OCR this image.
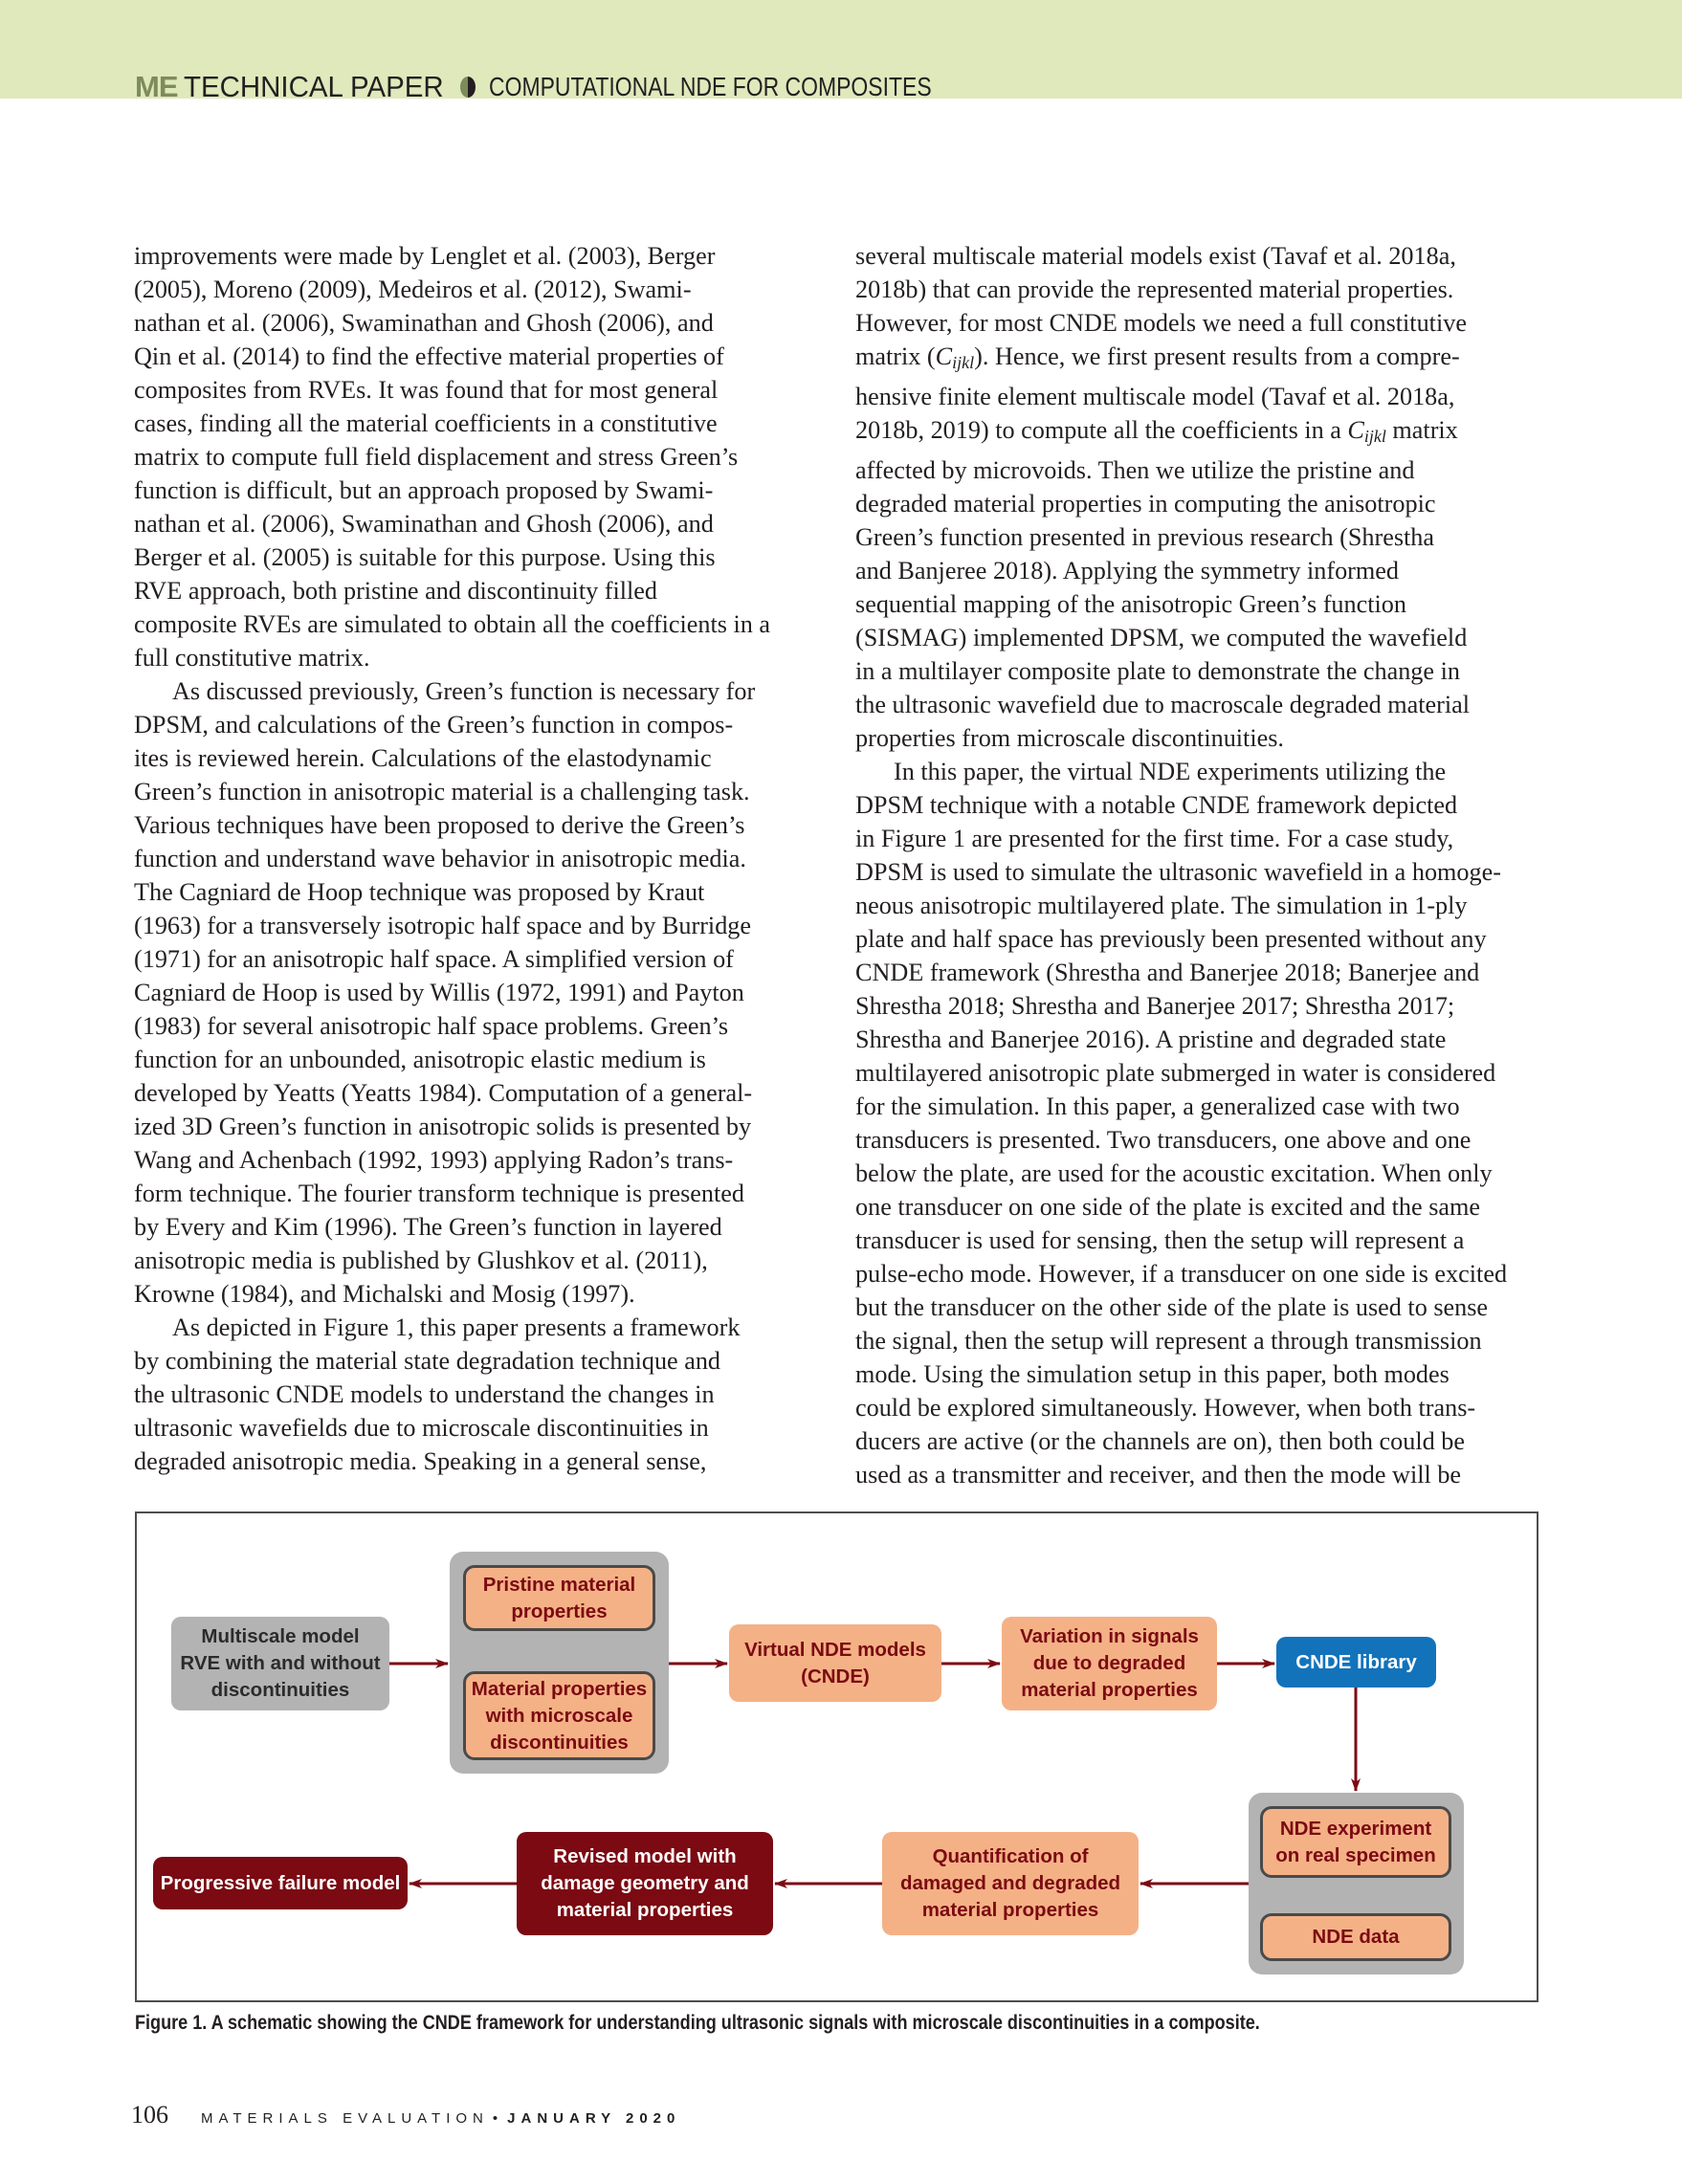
ME TECHNICAL PAPER COMPUTATIONAL NDE FOR COMPOSITES
improvements were made by Lenglet et al. (2003), Berger
(2005), Moreno (2009), Medeiros et al. (2012), Swami-
nathan et al. (2006), Swaminathan and Ghosh (2006), and
Qin et al. (2014) to find the effective material properties of
composites from RVEs. It was found that for most general
cases, finding all the material coefficients in a constitutive
matrix to compute full field displacement and stress Green’s
function is difficult, but an approach proposed by Swami-
nathan et al. (2006), Swaminathan and Ghosh (2006), and
Berger et al. (2005) is suitable for this purpose. Using this
RVE approach, both pristine and discontinuity filled
composite RVEs are simulated to obtain all the coefficients in a
full constitutive matrix.
As discussed previously, Green’s function is necessary for
DPSM, and calculations of the Green’s function in compos-
ites is reviewed herein. Calculations of the elastodynamic
Green’s function in anisotropic material is a challenging task.
Various techniques have been proposed to derive the Green’s
function and understand wave behavior in anisotropic media.
The Cagniard de Hoop technique was proposed by Kraut
(1963) for a transversely isotropic half space and by Burridge
(1971) for an anisotropic half space. A simplified version of
Cagniard de Hoop is used by Willis (1972, 1991) and Payton
(1983) for several anisotropic half space problems. Green’s
function for an unbounded, anisotropic elastic medium is
developed by Yeatts (Yeatts 1984). Computation of a general-
ized 3D Green’s function in anisotropic solids is presented by
Wang and Achenbach (1992, 1993) applying Radon’s trans-
form technique. The fourier transform technique is presented
by Every and Kim (1996). The Green’s function in layered
anisotropic media is published by Glushkov et al. (2011),
Krowne (1984), and Michalski and Mosig (1997).
As depicted in Figure 1, this paper presents a framework
by combining the material state degradation technique and
the ultrasonic CNDE models to understand the changes in
ultrasonic wavefields due to microscale discontinuities in
degraded anisotropic media. Speaking in a general sense,
several multiscale material models exist (Tavaf et al. 2018a,
2018b) that can provide the represented material properties.
However, for most CNDE models we need a full constitutive
matrix $(C_{ijkl})$. Hence, we first present results from a compre-
hensive finite element multiscale model (Tavaf et al. 2018a,
2018b, 2019) to compute all the coefficients in a $C_{ijkl}$ matrix
affected by microvoids. Then we utilize the pristine and
degraded material properties in computing the anisotropic
Green’s function presented in previous research (Shrestha
and Banjeree 2018). Applying the symmetry informed
sequential mapping of the anisotropic Green’s function
(SISMAG) implemented DPSM, we computed the wavefield
in a multilayer composite plate to demonstrate the change in
the ultrasonic wavefield due to macroscale degraded material
properties from microscale discontinuities.
In this paper, the virtual NDE experiments utilizing the
DPSM technique with a notable CNDE framework depicted
in Figure 1 are presented for the first time. For a case study,
DPSM is used to simulate the ultrasonic wavefield in a homoge-
neous anisotropic multilayered plate. The simulation in 1-ply
plate and half space has previously been presented without any
CNDE framework (Shrestha and Banerjee 2018; Banerjee and
Shrestha 2018; Shrestha and Banerjee 2017; Shrestha 2017;
Shrestha and Banerjee 2016). A pristine and degraded state
multilayered anisotropic plate submerged in water is considered
for the simulation. In this paper, a generalized case with two
transducers is presented. Two transducers, one above and one
below the plate, are used for the acoustic excitation. When only
one transducer on one side of the plate is excited and the same
transducer is used for sensing, then the setup will represent a
pulse-echo mode. However, if a transducer on one side is excited
but the transducer on the other side of the plate is used to sense
the signal, then the setup will represent a through transmission
mode. Using the simulation setup in this paper, both modes
could be explored simultaneously. However, when both trans-
ducers are active (or the channels are on), then both could be
used as a transmitter and receiver, and then the mode will be
Multiscale model
RVE with and without
discontinuities
Pristine material
properties
Material properties
with microscale
discontinuities
Virtual NDE models
(CNDE)
Variation in signals
due to degraded
material properties
CNDE library
NDE experiment
on real specimen
NDE data
Quantification of
damaged and degraded
material properties
Revised model with
damage geometry and
material properties
Progressive failure model
Figure 1. A schematic showing the CNDE framework for understanding ultrasonic signals with microscale discontinuities in a composite.
106 MATERIALS EVALUATION • JANUARY 2020
